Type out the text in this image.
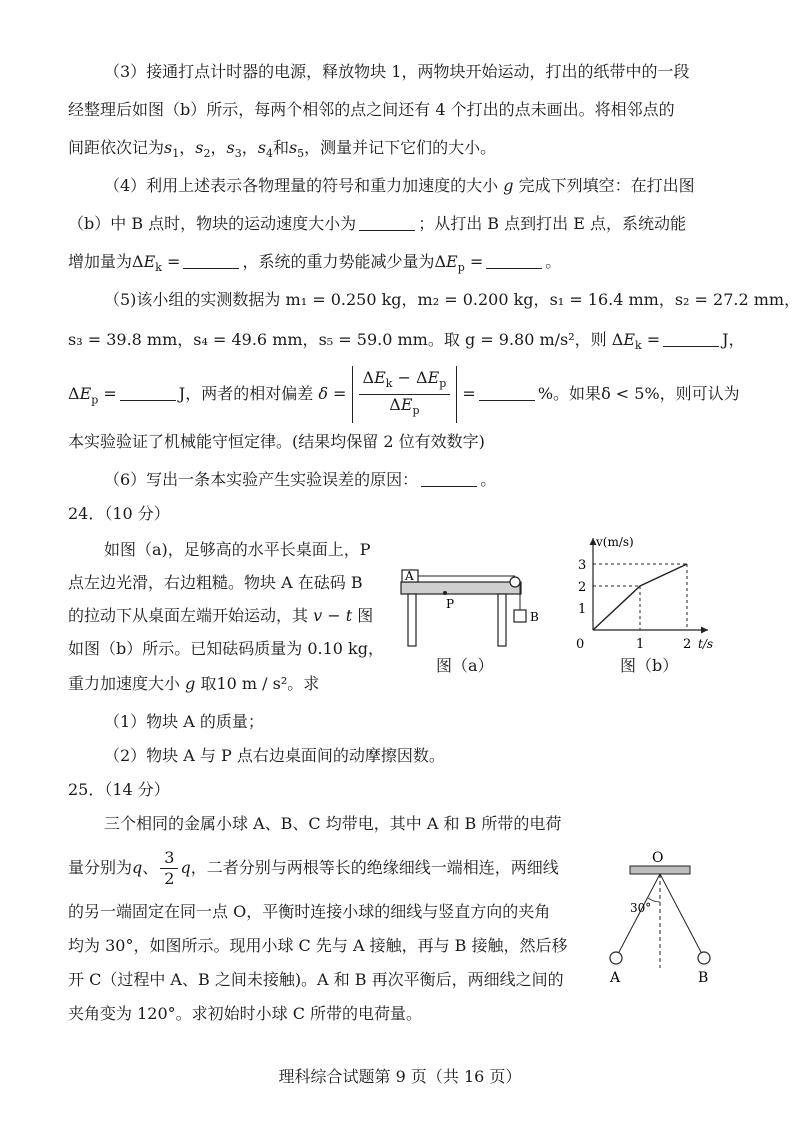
（3）接通打点计时器的电源，释放物块 1，两物块开始运动，打出的纸带中的一段
经整理后如图（b）所示，每两个相邻的点之间还有 4 个打出的点未画出。将相邻点的
间距依次记为$s_1$，$s_2$，$s_3$，$s_4$和$s_5$，测量并记下它们的大小。
（4）利用上述表示各物理量的符号和重力加速度的大小 g 完成下列填空：在打出图
（b）中 B 点时，物块的运动速度大小为	；从打出 B 点到打出 E 点，系统动能
增加量为$\Delta E_k$ =	，系统的重力势能减少量为$\Delta E_p$ =	。
（5)该小组的实测数据为 m₁ = 0.250 kg，m₂ = 0.200 kg，s₁ = 16.4 mm，s₂ = 27.2 mm，
s₃ = 39.8 mm，s₄ = 49.6 mm，s₅ = 59.0 mm。取 g = 9.80 m/s²，则 $\Delta E_k$ =	J，
$\Delta E_p$ =	J，两者的相对偏差 $\delta = \frac{\Delta E_k - \Delta E_p}{\Delta E_p}$ =	%。如果δ < 5%，则可认为
本实验验证了机械能守恒定律。(结果均保留 2 位有效数字)
（6）写出一条本实验产生实验误差的原因：	。
24．（10 分）
如图（a)，足够高的水平长桌面上，P
点左边光滑，右边粗糙。物块 A 在砝码 B
的拉动下从桌面左端开始运动，其 v − t 图
如图（b）所示。已知砝码质量为 0.10 kg，
重力加速度大小 g 取10 m / s²。求
（1）物块 A 的质量；
（2）物块 A 与 P 点右边桌面间的动摩擦因数。
A
B
P
图（a）
v(m/s)
t/s
0
1
2
3
1	2
图（b）
25．（14 分）
三个相同的金属小球 A、B、C 均带电，其中 A 和 B 所带的电荷
量分别为q、 $\frac{3}{2}$ q，二者分别与两根等长的绝缘细线一端相连，两细线
的另一端固定在同一点 O，平衡时连接小球的细线与竖直方向的夹角
均为 30°，如图所示。现用小球 C 先与 A 接触，再与 B 接触，然后移
开 C（过程中 A、B 之间未接触)。A 和 B 再次平衡后，两细线之间的
夹角变为 120°。求初始时小球 C 所带的电荷量。
O
30°
A	B
理科综合试题第 9 页（共 16 页）
